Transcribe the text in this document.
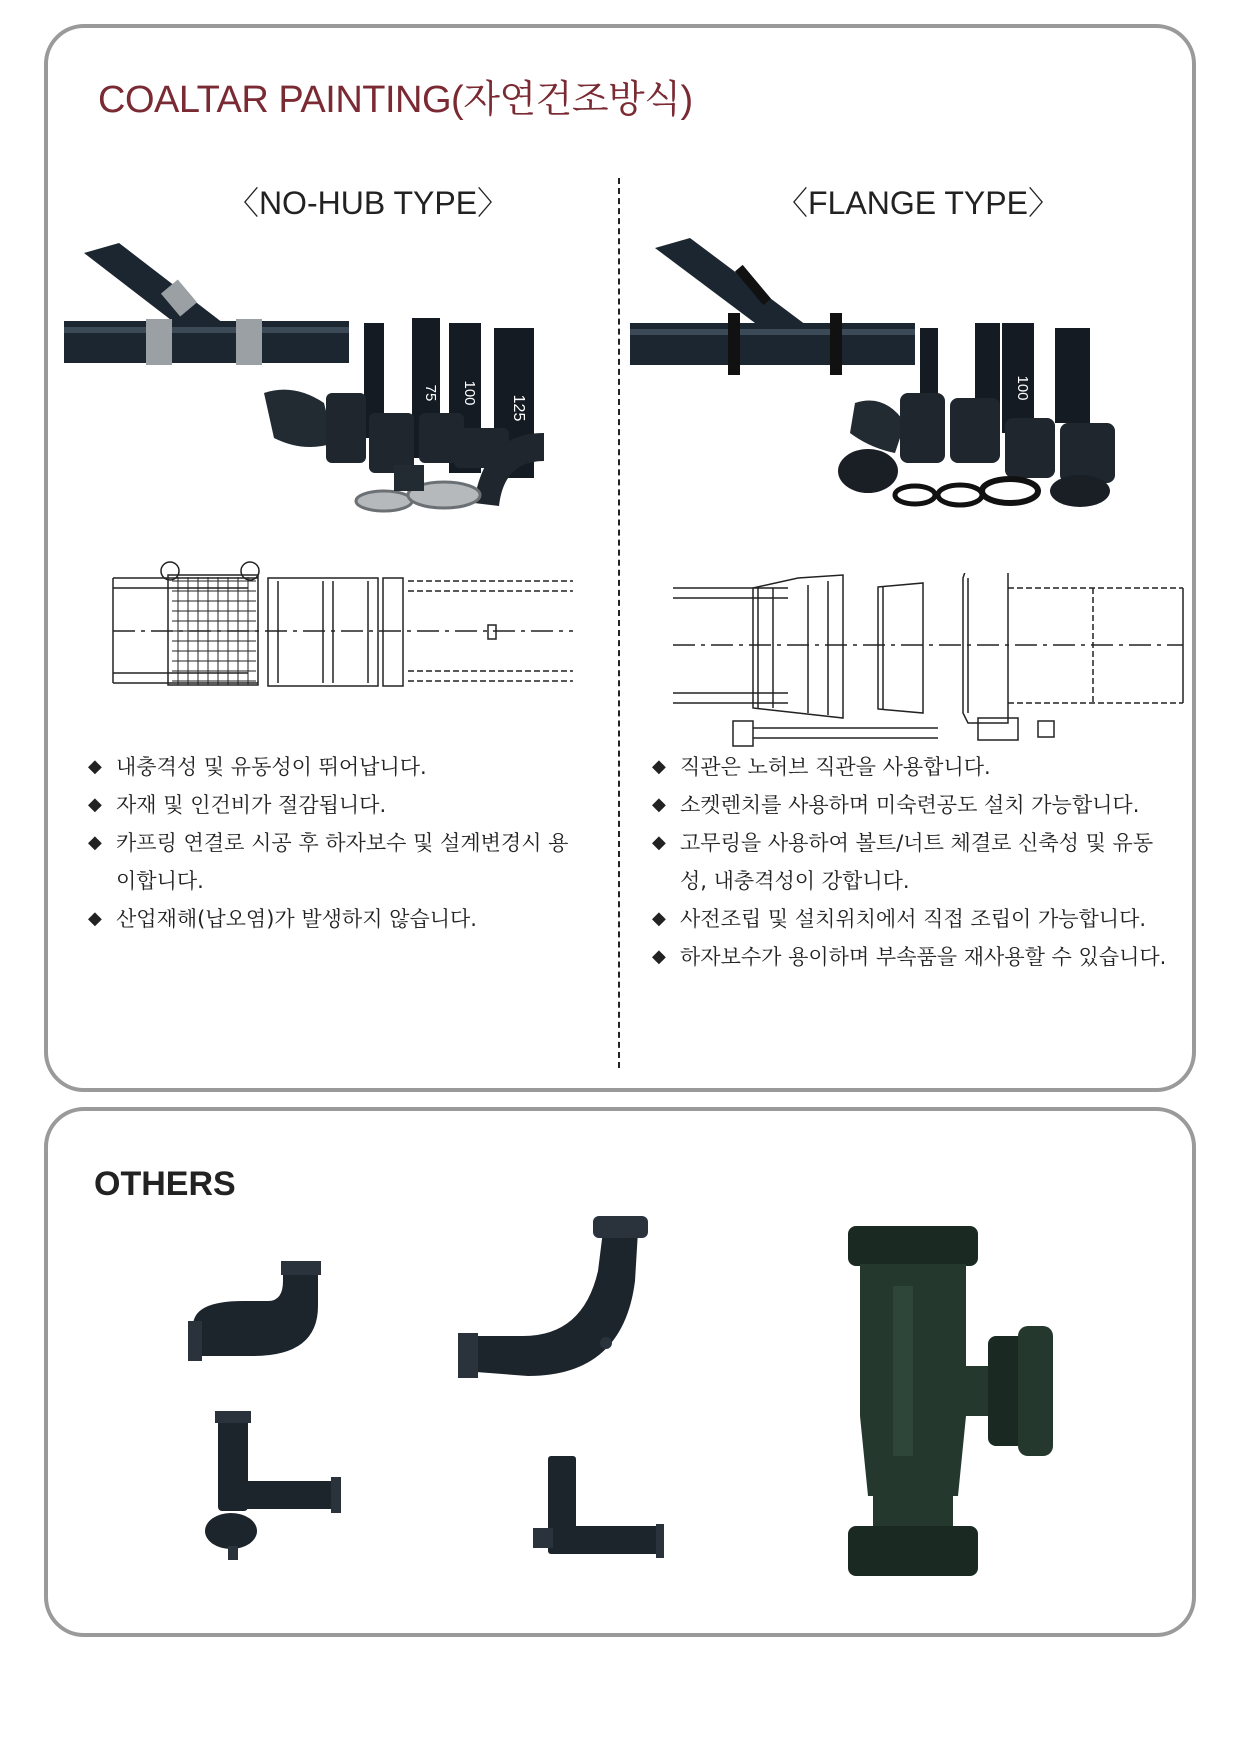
COALTAR PAINTING(자연건조방식)
〈NO-HUB TYPE〉
75 100
125
◆ 내충격성 및 유동성이 뛰어납니다.
◆ 자재 및 인건비가 절감됩니다.
◆ 카프링 연결로 시공 후 하자보수 및 설계변경시 용이합니다.
◆ 산업재해(납오염)가 발생하지 않습니다.
〈FLANGE TYPE〉
100
◆ 직관은 노허브 직관을 사용합니다.
◆ 소켓렌치를 사용하며 미숙련공도 설치 가능합니다.
◆ 고무링을 사용하여 볼트/너트 체결로 신축성 및 유동성, 내충격성이 강합니다.
◆ 사전조립 및 설치위치에서 직접 조립이 가능합니다.
◆ 하자보수가 용이하며 부속품을 재사용할 수 있습니다.
OTHERS
